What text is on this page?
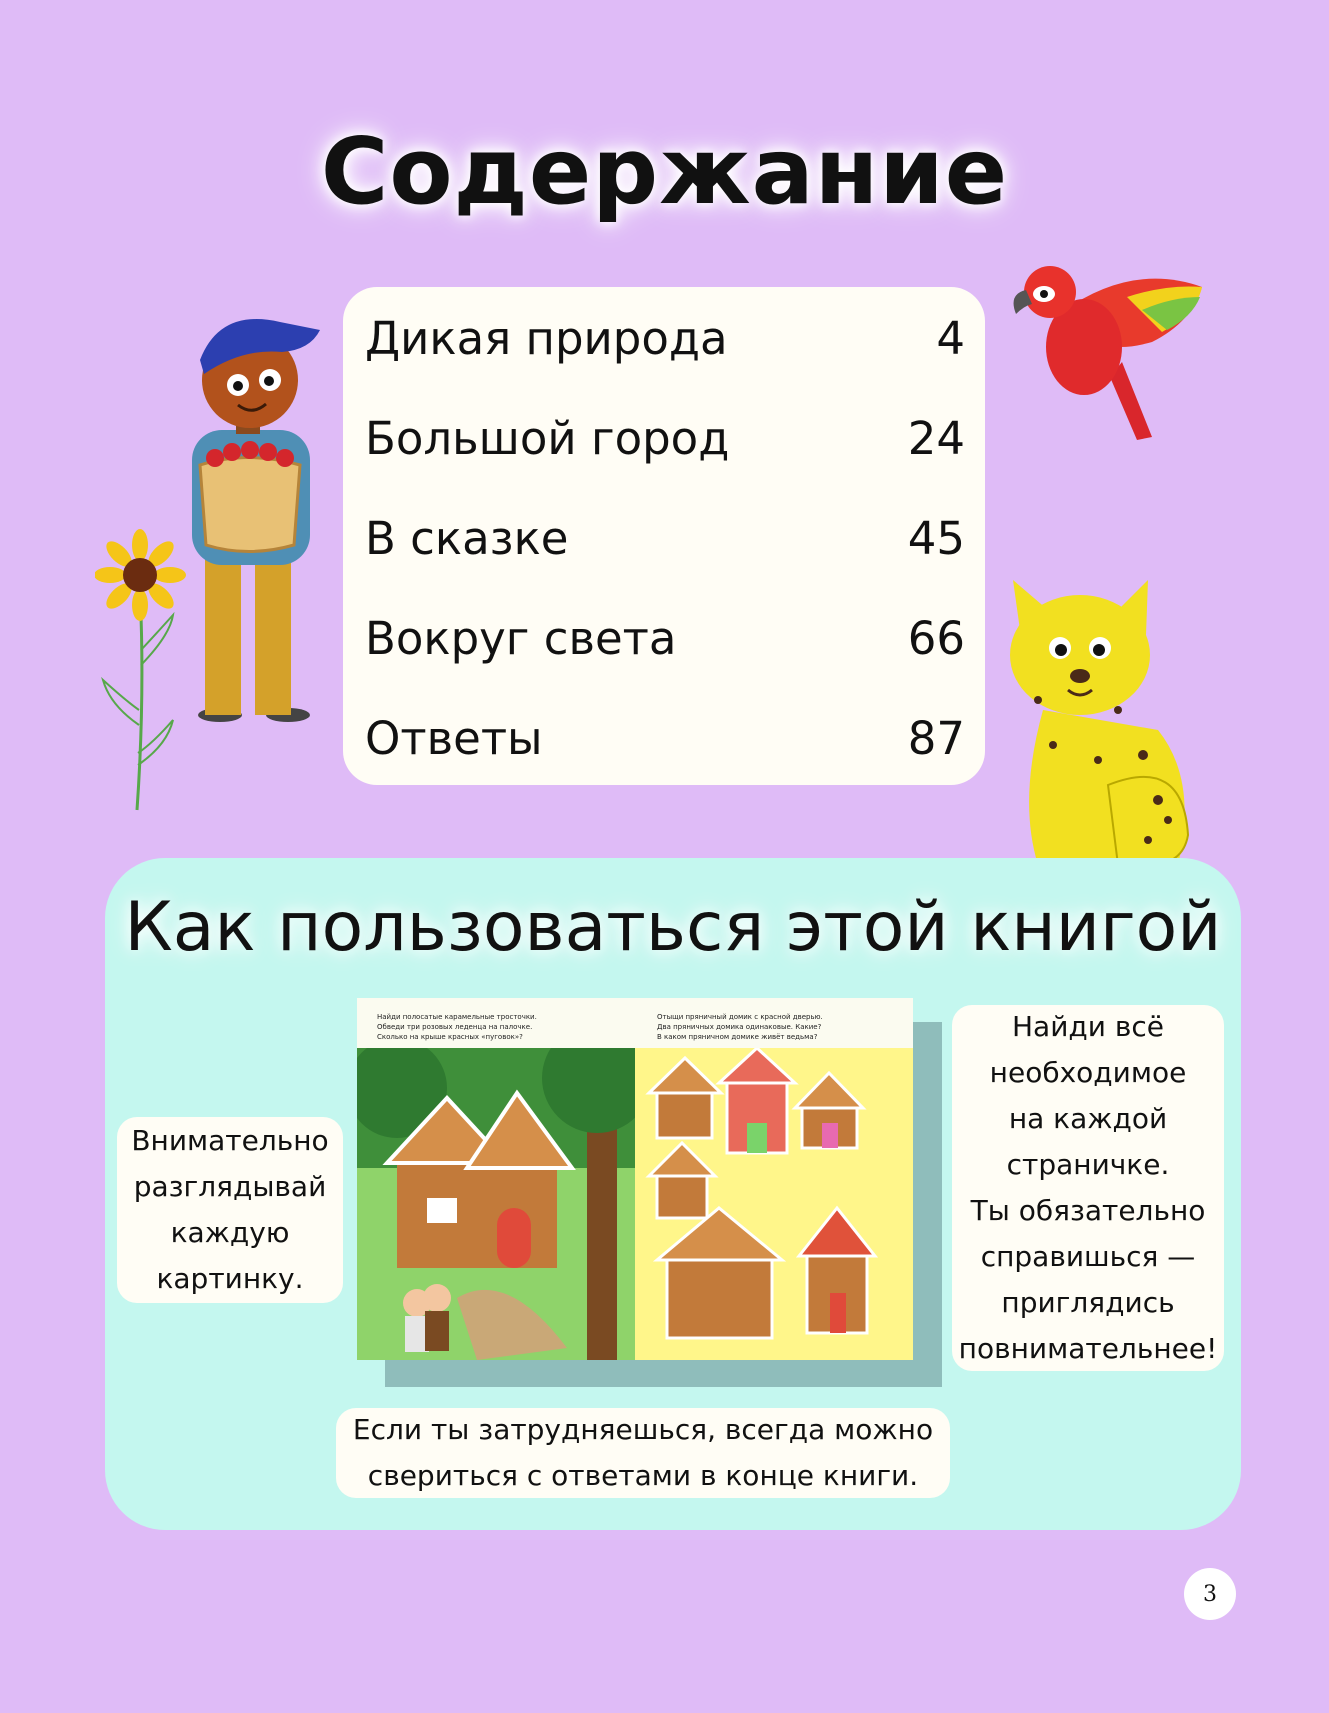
Содержание
Дикая природа	4
Большой город	24
В сказке	45
Вокруг света	66
Ответы	87
Как пользоваться этой книгой
Найди полосатые карамельные тросточки.
Обведи три розовых леденца на палочке.
Сколько на крыше красных «пуговок»?
Отыщи пряничный домик с красной дверью.
Два пряничных домика одинаковые. Какие?
В каком пряничном домике живёт ведьма?
Внимательно
разглядывай
каждую
картинку.
Найди всё
необходимое
на каждой
страничке.
Ты обязательно
справишься —
приглядись
повнимательнее!
Если ты затрудняешься, всегда можно
свериться с ответами в конце книги.
3
